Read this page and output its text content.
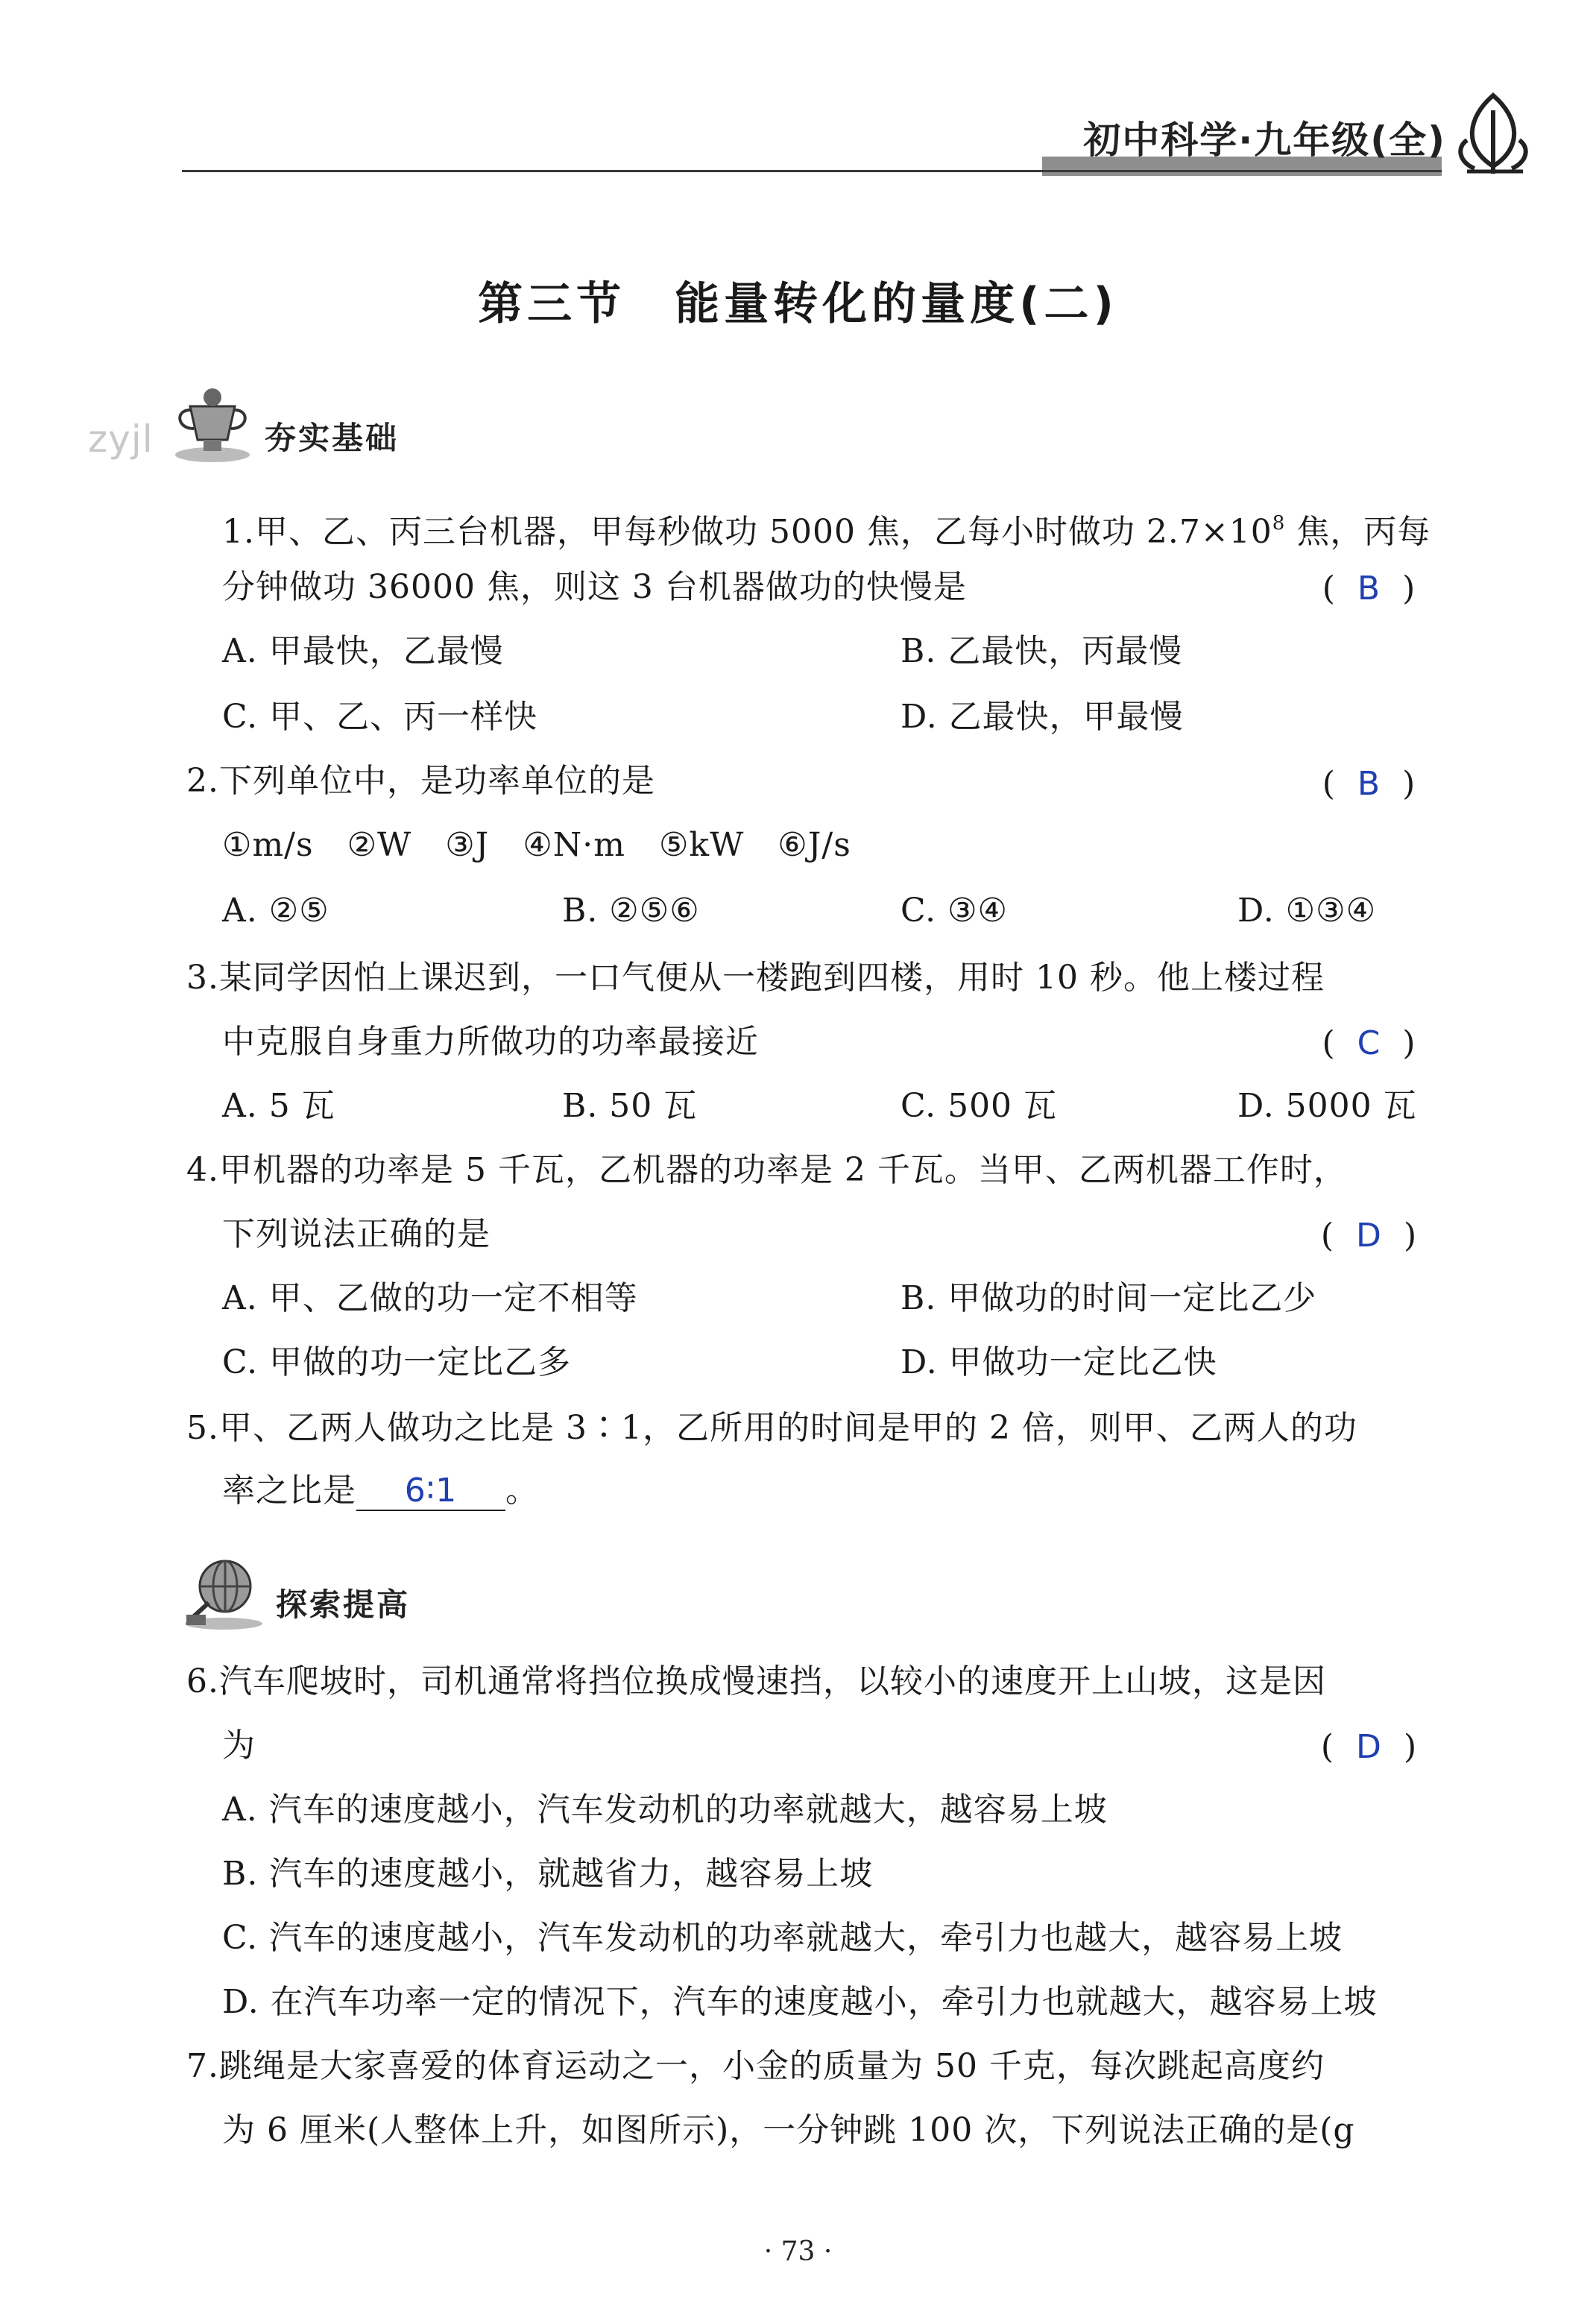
初中科学·九年级(全)
第三节　能量转化的量度(二)
zyjl	夯实基础
1.甲、乙、丙三台机器，甲每秒做功 5000 焦，乙每小时做功 $2.7\times 10^8$ 焦，丙每
分钟做功 36000 焦，则这 3 台机器做功的快慢是	( B )
A. 甲最快，乙最慢	B. 乙最快，丙最慢
C. 甲、乙、丙一样快	D. 乙最快，甲最慢
2.下列单位中，是功率单位的是	( B )
①m/s　②W　③J　④N·m　⑤kW　⑥J/s
A. ②⑤	B. ②⑤⑥	C. ③④	D. ①③④
3.某同学因怕上课迟到，一口气便从一楼跑到四楼，用时 10 秒。他上楼过程
中克服自身重力所做功的功率最接近	( C )
A. 5 瓦	B. 50 瓦	C. 500 瓦	D. 5000 瓦
4.甲机器的功率是 5 千瓦，乙机器的功率是 2 千瓦。当甲、乙两机器工作时，
下列说法正确的是	( D )
A. 甲、乙做的功一定不相等	B. 甲做功的时间一定比乙少
C. 甲做的功一定比乙多	D. 甲做功一定比乙快
5.甲、乙两人做功之比是 3∶1，乙所用的时间是甲的 2 倍，则甲、乙两人的功
率之比是 6∶1 。
探索提高
6.汽车爬坡时，司机通常将挡位换成慢速挡，以较小的速度开上山坡，这是因
为	( D )
A. 汽车的速度越小，汽车发动机的功率就越大，越容易上坡
B. 汽车的速度越小，就越省力，越容易上坡
C. 汽车的速度越小，汽车发动机的功率就越大，牵引力也越大，越容易上坡
D. 在汽车功率一定的情况下，汽车的速度越小，牵引力也就越大，越容易上坡
7.跳绳是大家喜爱的体育运动之一，小金的质量为 50 千克，每次跳起高度约
为 6 厘米(人整体上升，如图所示)，一分钟跳 100 次，下列说法正确的是(g
· 73 ·
